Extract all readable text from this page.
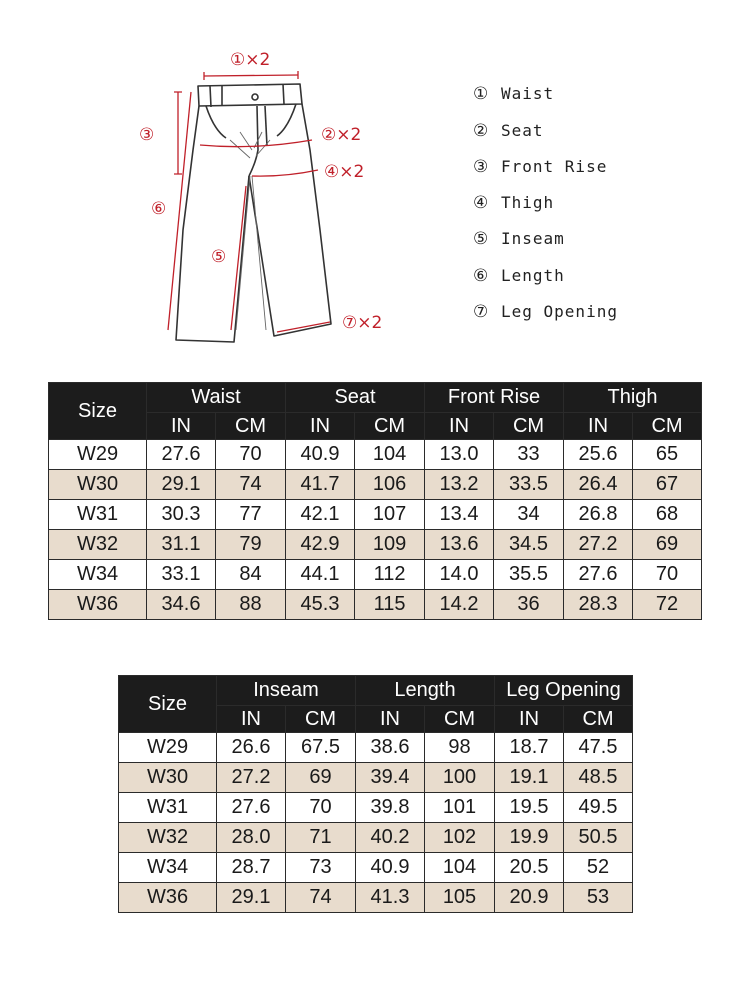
①×2
②×2
③
④×2
⑤
⑥
⑦×2
① Waist
② Seat
③ Front Rise
④ Thigh
⑤ Inseam
⑥ Length
⑦ Leg Opening
Size	Waist		Seat		Front Rise		Thigh	
	IN	CM	IN	CM	IN	CM	IN	CM
W29	27.6	70	40.9	104	13.0	33	25.6	65
W30	29.1	74	41.7	106	13.2	33.5	26.4	67
W31	30.3	77	42.1	107	13.4	34	26.8	68
W32	31.1	79	42.9	109	13.6	34.5	27.2	69
W34	33.1	84	44.1	112	14.0	35.5	27.6	70
W36	34.6	88	45.3	115	14.2	36	28.3	72
Size	Inseam		Length		Leg Opening	
	IN	CM	IN	CM	IN	CM
W29	26.6	67.5	38.6	98	18.7	47.5
W30	27.2	69	39.4	100	19.1	48.5
W31	27.6	70	39.8	101	19.5	49.5
W32	28.0	71	40.2	102	19.9	50.5
W34	28.7	73	40.9	104	20.5	52
W36	29.1	74	41.3	105	20.9	53
